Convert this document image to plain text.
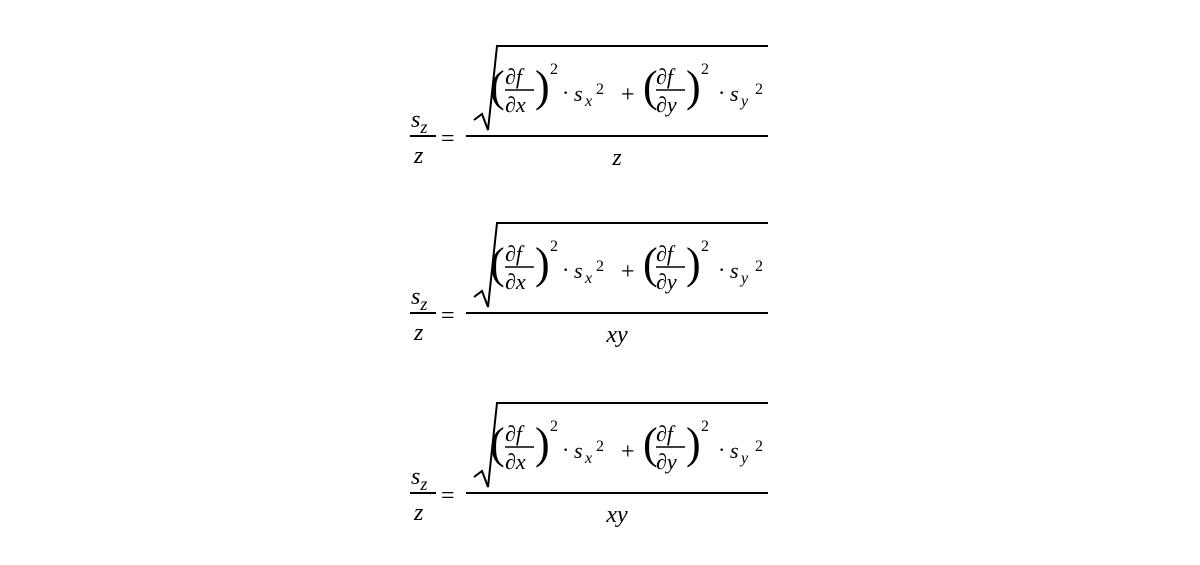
$s_z$
z
=
( ∂f
∂x ) 2
· s x
2 + (
∂f
∂y ) 2
· s y
2
z
$s_z$
z
=
( ∂f
∂x ) 2
· s x
2 + (
∂f
∂y ) 2
· s y
2
xy
$s_z$
z
=
( ∂f
∂x ) 2
· s x
2 + (
∂f
∂y ) 2
· s y
2
xy
